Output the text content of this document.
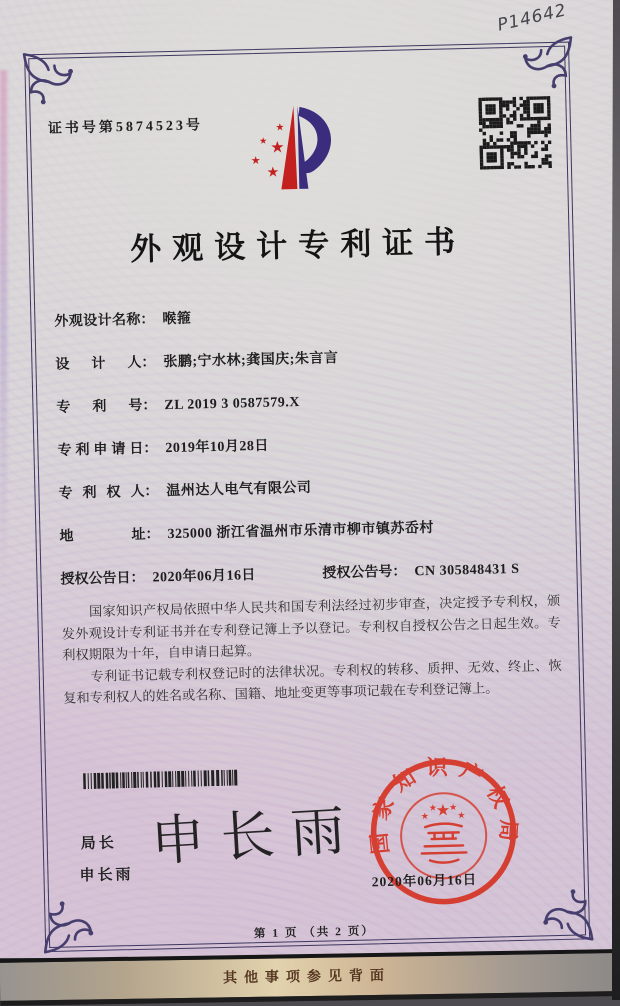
证书号第5874523号	★
★ ★
★
★
外观设计专利证书
外观设计名称： 喉箍
设计人： 张鹏;宁水林;龚国庆;朱言言
专利号： ZL 2019 3 0587579.X
专利申请日： 2019年10月28日
专利权人： 温州达人电气有限公司
地址： 325000 浙江省温州市乐清市柳市镇苏岙村
授权公告日： 2020年06月16日	授权公告号： CN 305848431 S

国家知识产权局依照中华人民共和国专利法经过初步审查，决定授予专利权，颁发外观设计专利证书并在专利登记簿上予以登记。专利权自授权公告之日起生效。专利权期限为十年，自申请日起算。

专利证书记载专利权登记时的法律状况。专利权的转移、质押、无效、终止、恢复和专利权人的姓名或名称、国籍、地址变更等事项记载在专利登记簿上。

局长
申长雨
申长雨 国家知识产权局
★
★
★ ★
★
2020年06月16日
第 1 页 （共 2 页）
P14642
其他事项参见背面
